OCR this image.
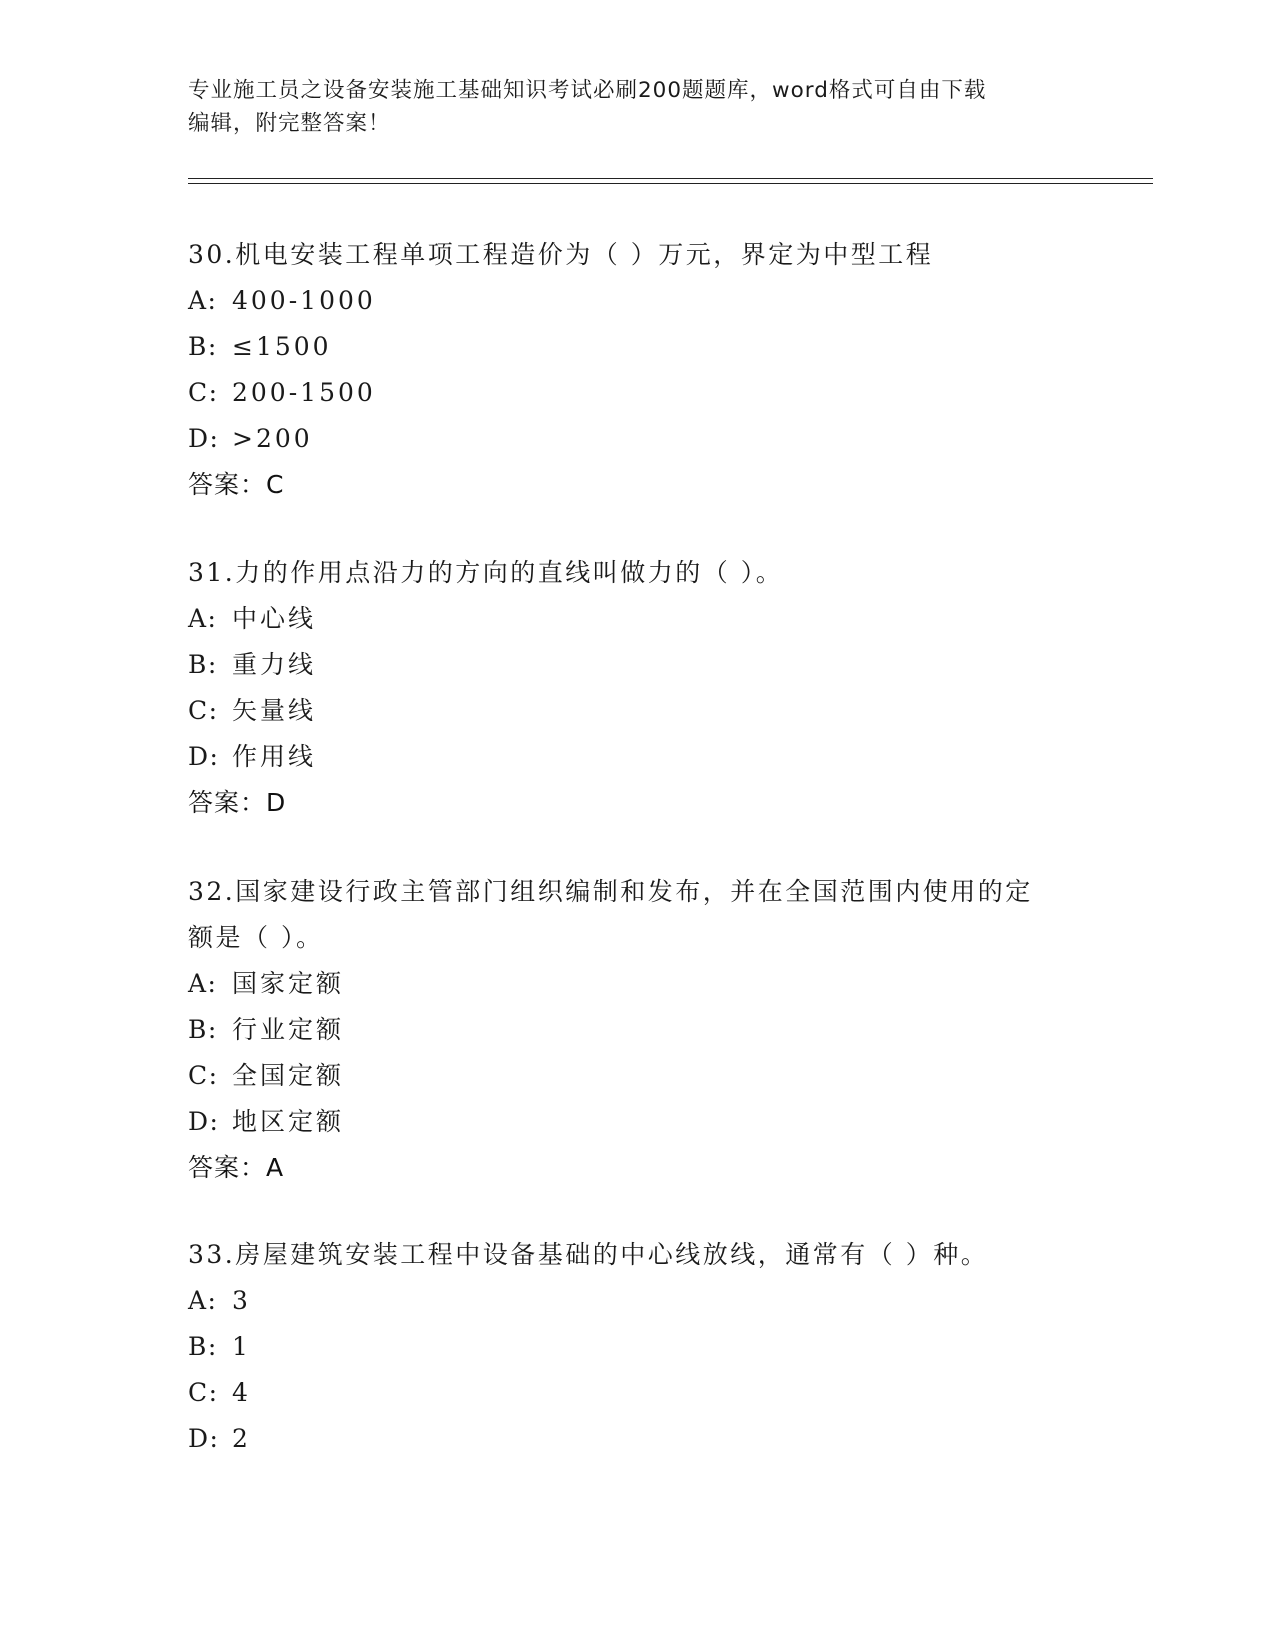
专业施工员之设备安装施工基础知识考试必刷200题题库，word格式可自由下载
编辑，附完整答案！
30.机电安装工程单项工程造价为（ ）万元，界定为中型工程
A: 400-1000
B: ≤1500
C: 200-1500
D: >200
答案：C
31.力的作用点沿力的方向的直线叫做力的（ ）。
A: 中心线
B: 重力线
C: 矢量线
D: 作用线
答案：D
32.国家建设行政主管部门组织编制和发布，并在全国范围内使用的定
额是（ ）。
A: 国家定额
B: 行业定额
C: 全国定额
D: 地区定额
答案：A
33.房屋建筑安装工程中设备基础的中心线放线，通常有（ ）种。
A: 3
B: 1
C: 4
D: 2
